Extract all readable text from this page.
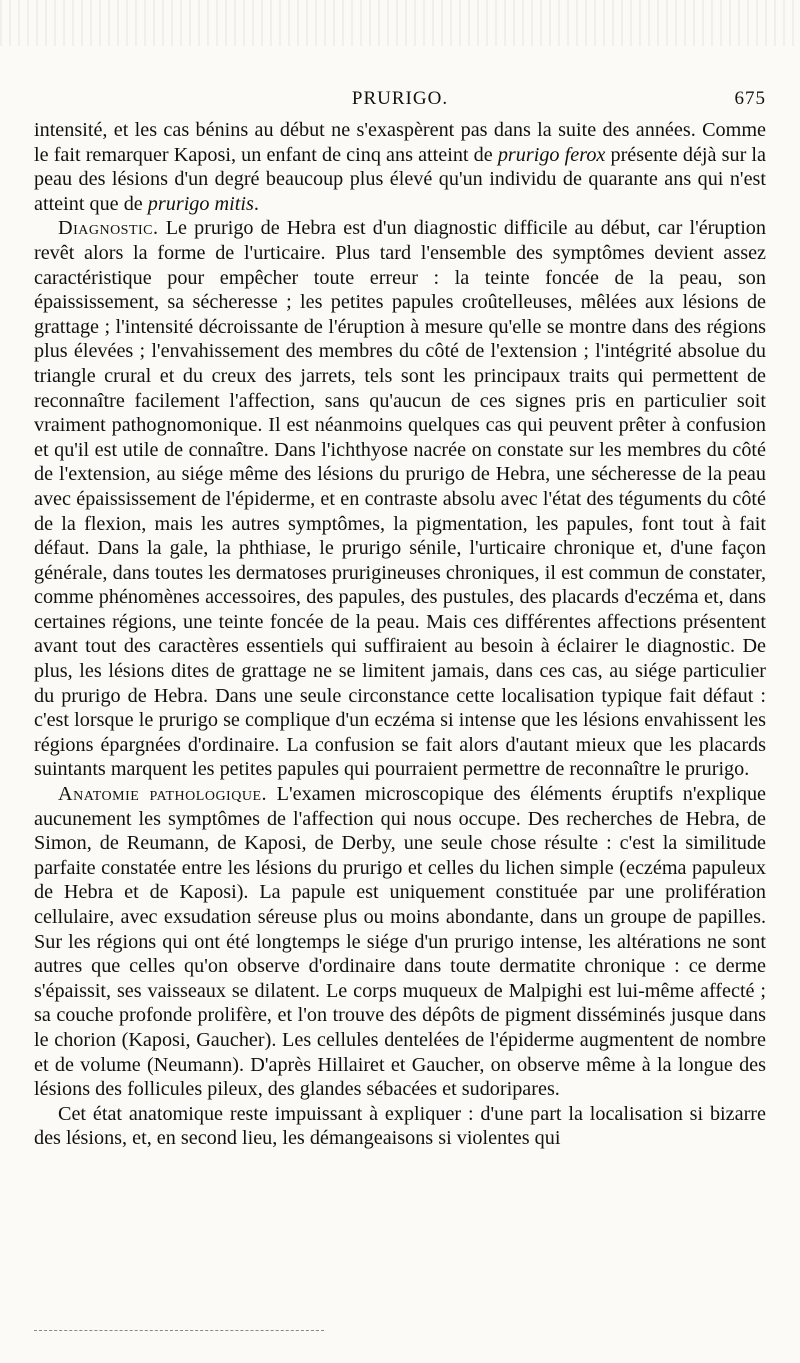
PRURIGO.	675

intensité, et les cas bénins au début ne s'exaspèrent pas dans la suite des années. Comme le fait remarquer Kaposi, un enfant de cinq ans atteint de prurigo ferox présente déjà sur la peau des lésions d'un degré beaucoup plus élevé qu'un individu de quarante ans qui n'est atteint que de prurigo mitis.

Diagnostic. Le prurigo de Hebra est d'un diagnostic difficile au début, car l'éruption revêt alors la forme de l'urticaire. Plus tard l'ensemble des symptômes devient assez caractéristique pour empêcher toute erreur : la teinte foncée de la peau, son épaississement, sa sécheresse ; les petites papules croûtelleuses, mêlées aux lésions de grattage ; l'intensité décroissante de l'éruption à mesure qu'elle se montre dans des régions plus élevées ; l'envahissement des membres du côté de l'extension ; l'intégrité absolue du triangle crural et du creux des jarrets, tels sont les principaux traits qui permettent de reconnaître facilement l'affection, sans qu'aucun de ces signes pris en particulier soit vraiment pathognomonique. Il est néanmoins quelques cas qui peuvent prêter à confusion et qu'il est utile de connaître. Dans l'ichthyose nacrée on constate sur les membres du côté de l'extension, au siége même des lésions du prurigo de Hebra, une sécheresse de la peau avec épaississement de l'épiderme, et en contraste absolu avec l'état des téguments du côté de la flexion, mais les autres symptômes, la pigmentation, les papules, font tout à fait défaut. Dans la gale, la phthiase, le prurigo sénile, l'urticaire chronique et, d'une façon générale, dans toutes les dermatoses prurigineuses chroniques, il est commun de constater, comme phénomènes accessoires, des papules, des pustules, des placards d'eczéma et, dans certaines régions, une teinte foncée de la peau. Mais ces différentes affections présentent avant tout des caractères essentiels qui suffiraient au besoin à éclairer le diagnostic. De plus, les lésions dites de grattage ne se limitent jamais, dans ces cas, au siége particulier du prurigo de Hebra. Dans une seule circonstance cette localisation typique fait défaut : c'est lorsque le prurigo se complique d'un eczéma si intense que les lésions envahissent les régions épargnées d'ordinaire. La confusion se fait alors d'autant mieux que les placards suintants marquent les petites papules qui pourraient permettre de reconnaître le prurigo.

Anatomie pathologique. L'examen microscopique des éléments éruptifs n'explique aucunement les symptômes de l'affection qui nous occupe. Des recherches de Hebra, de Simon, de Reumann, de Kaposi, de Derby, une seule chose résulte : c'est la similitude parfaite constatée entre les lésions du prurigo et celles du lichen simple (eczéma papuleux de Hebra et de Kaposi). La papule est uniquement constituée par une prolifération cellulaire, avec exsudation séreuse plus ou moins abondante, dans un groupe de papilles. Sur les régions qui ont été longtemps le siége d'un prurigo intense, les altérations ne sont autres que celles qu'on observe d'ordinaire dans toute dermatite chronique : ce derme s'épaissit, ses vaisseaux se dilatent. Le corps muqueux de Malpighi est lui-même affecté ; sa couche profonde prolifère, et l'on trouve des dépôts de pigment disséminés jusque dans le chorion (Kaposi, Gaucher). Les cellules dentelées de l'épiderme augmentent de nombre et de volume (Neumann). D'après Hillairet et Gaucher, on observe même à la longue des lésions des follicules pileux, des glandes sébacées et sudoripares.

Cet état anatomique reste impuissant à expliquer : d'une part la localisation si bizarre des lésions, et, en second lieu, les démangeaisons si violentes qui
